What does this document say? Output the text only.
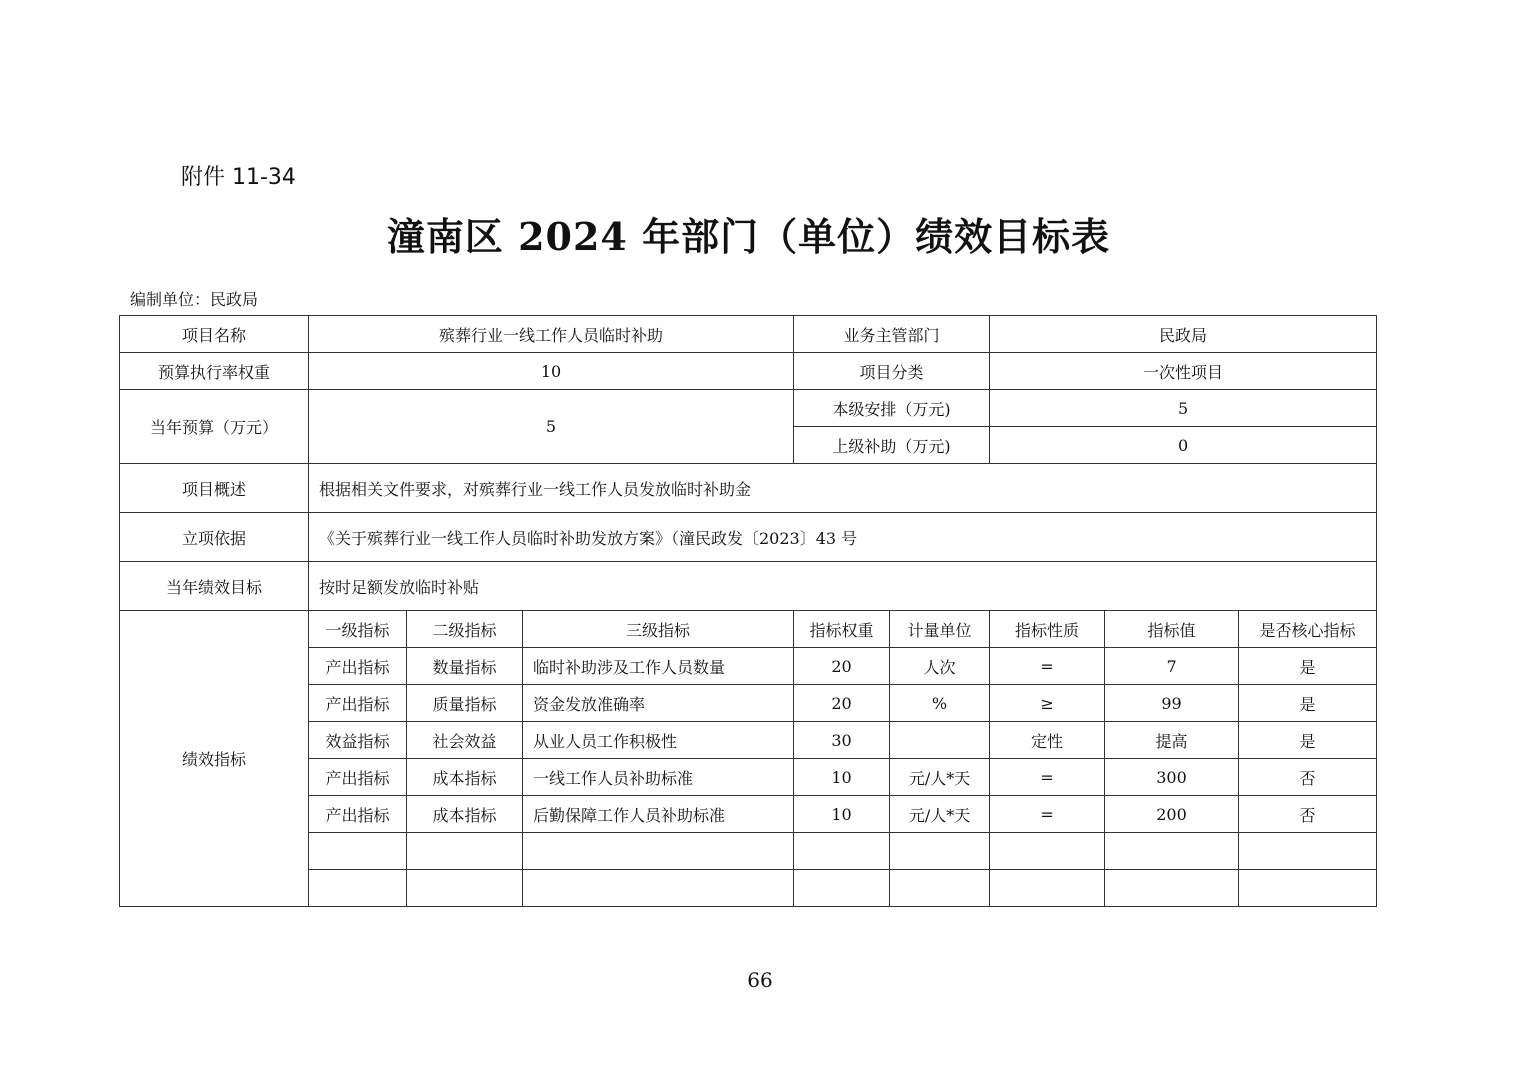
附件 11-34
潼南区 2024 年部门（单位）绩效目标表
编制单位：民政局
项目名称	殡葬行业一线工作人员临时补助			业务主管部门		民政局		
预算执行率权重	10			项目分类		一次性项目		
当年预算（万元）	5			本级安排（万元)		5		
				上级补助（万元)		0		
项目概述	根据相关文件要求，对殡葬行业一线工作人员发放临时补助金							
立项依据	《关于殡葬行业一线工作人员临时补助发放方案》（潼民政发〔2023〕43 号							
当年绩效目标	按时足额发放临时补贴							
绩效指标	一级指标	二级指标	三级指标	指标权重	计量单位	指标性质	指标值	是否核心指标
	产出指标	数量指标	临时补助涉及工作人员数量	20	人次	=	7	是
	产出指标	质量指标	资金发放准确率	20	%	≥	99	是
	效益指标	社会效益	从业人员工作积极性	30		定性	提高	是
	产出指标	成本指标	一线工作人员补助标准	10	元/人*天	=	300	否
	产出指标	成本指标	后勤保障工作人员补助标准	10	元/人*天	=	200	否

66
